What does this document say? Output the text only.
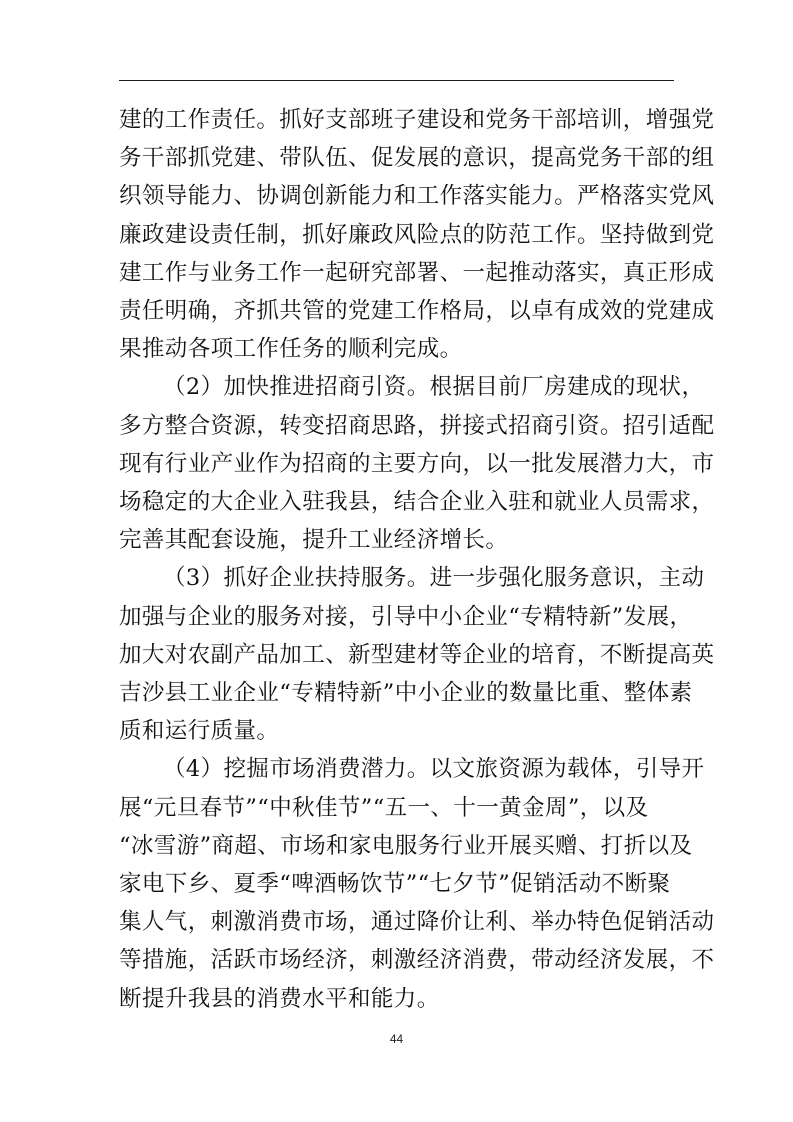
建的工作责任。抓好支部班子建设和党务干部培训，增强党
务干部抓党建、带队伍、促发展的意识，提高党务干部的组
织领导能力、协调创新能力和工作落实能力。严格落实党风
廉政建设责任制，抓好廉政风险点的防范工作。坚持做到党
建工作与业务工作一起研究部署、一起推动落实，真正形成
责任明确，齐抓共管的党建工作格局，以卓有成效的党建成
果推动各项工作任务的顺利完成。
（2）加快推进招商引资。根据目前厂房建成的现状，
多方整合资源，转变招商思路，拼接式招商引资。招引适配
现有行业产业作为招商的主要方向，以一批发展潜力大，市
场稳定的大企业入驻我县，结合企业入驻和就业人员需求，
完善其配套设施，提升工业经济增长。
（3）抓好企业扶持服务。进一步强化服务意识，主动
加强与企业的服务对接，引导中小企业“专精特新”发展，
加大对农副产品加工、新型建材等企业的培育，不断提高英
吉沙县工业企业“专精特新”中小企业的数量比重、整体素
质和运行质量。
（4）挖掘市场消费潜力。以文旅资源为载体，引导开
展“元旦春节”“中秋佳节”“五一、十一黄金周”，以及
“冰雪游”商超、市场和家电服务行业开展买赠、打折以及
家电下乡、夏季“啤酒畅饮节”“七夕节”促销活动不断聚
集人气，刺激消费市场，通过降价让利、举办特色促销活动
等措施，活跃市场经济，刺激经济消费，带动经济发展，不
断提升我县的消费水平和能力。
44
